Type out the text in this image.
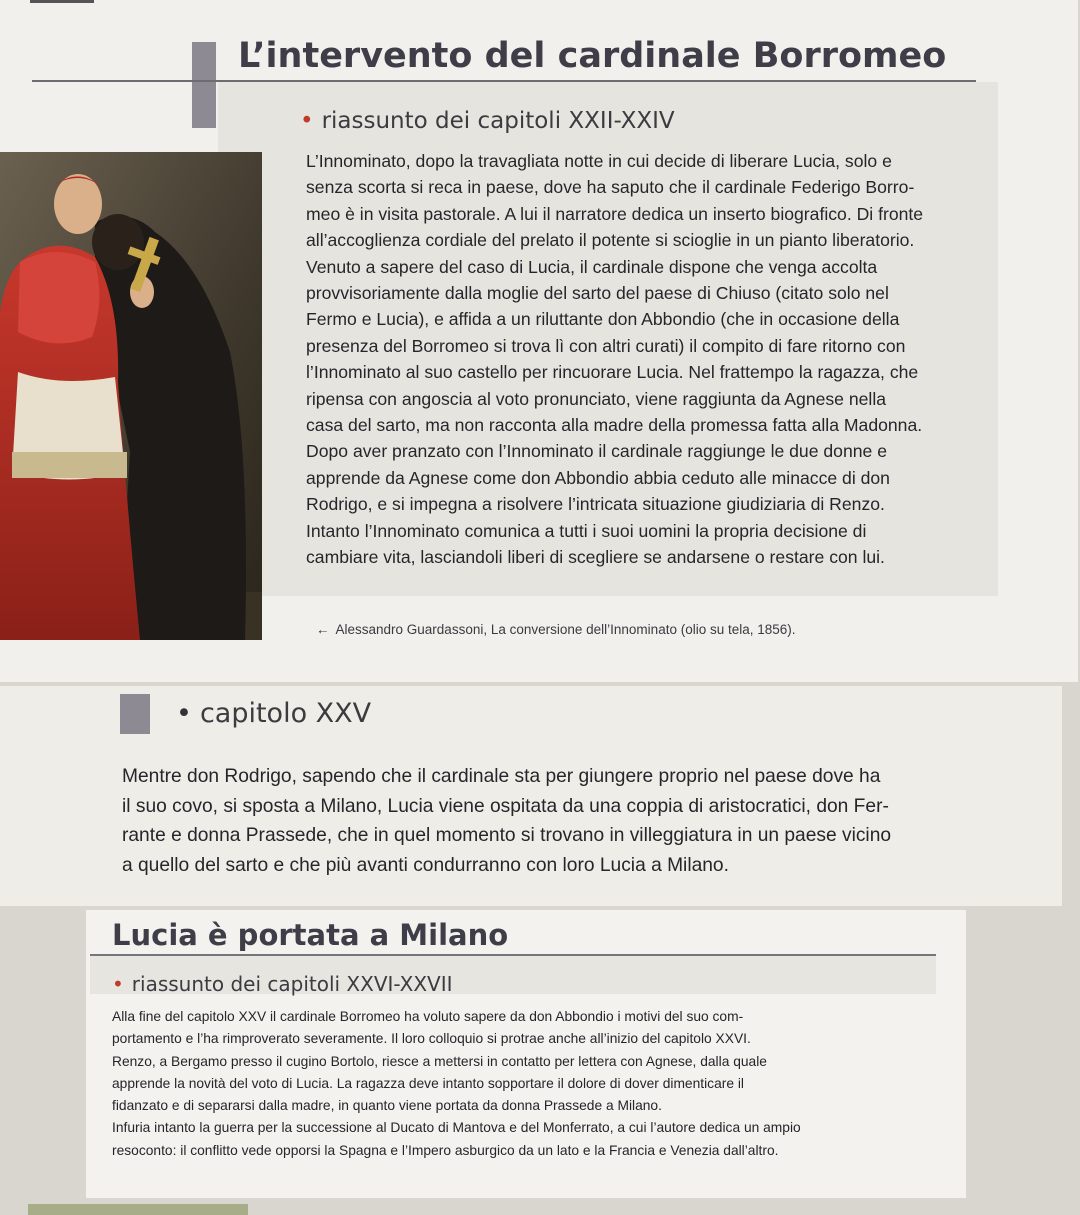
L’intervento del cardinale Borromeo
• riassunto dei capitoli XXII-XXIV
L’Innominato, dopo la travagliata notte in cui decide di liberare Lucia, solo e
senza scorta si reca in paese, dove ha saputo che il cardinale Federigo Borro-
meo è in visita pastorale. A lui il narratore dedica un inserto biografico. Di fronte
all’accoglienza cordiale del prelato il potente si scioglie in un pianto liberatorio.
Venuto a sapere del caso di Lucia, il cardinale dispone che venga accolta
provvisoriamente dalla moglie del sarto del paese di Chiuso (citato solo nel
Fermo e Lucia), e affida a un riluttante don Abbondio (che in occasione della
presenza del Borromeo si trova lì con altri curati) il compito di fare ritorno con
l’Innominato al suo castello per rincuorare Lucia. Nel frattempo la ragazza, che
ripensa con angoscia al voto pronunciato, viene raggiunta da Agnese nella
casa del sarto, ma non racconta alla madre della promessa fatta alla Madonna.
Dopo aver pranzato con l’Innominato il cardinale raggiunge le due donne e
apprende da Agnese come don Abbondio abbia ceduto alle minacce di don
Rodrigo, e si impegna a risolvere l’intricata situazione giudiziaria di Renzo.
Intanto l’Innominato comunica a tutti i suoi uomini la propria decisione di
cambiare vita, lasciandoli liberi di scegliere se andarsene o restare con lui.
← Alessandro Guardassoni, La conversione dell’Innominato (olio su tela, 1856).
• capitolo XXV
Mentre don Rodrigo, sapendo che il cardinale sta per giungere proprio nel paese dove ha
il suo covo, si sposta a Milano, Lucia viene ospitata da una coppia di aristocratici, don Fer-
rante e donna Prassede, che in quel momento si trovano in villeggiatura in un paese vicino
a quello del sarto e che più avanti condurranno con loro Lucia a Milano.
Lucia è portata a Milano
• riassunto dei capitoli XXVI-XXVII
Alla fine del capitolo XXV il cardinale Borromeo ha voluto sapere da don Abbondio i motivi del suo com-
portamento e l’ha rimproverato severamente. Il loro colloquio si protrae anche all’inizio del capitolo XXVI.
Renzo, a Bergamo presso il cugino Bortolo, riesce a mettersi in contatto per lettera con Agnese, dalla quale
apprende la novità del voto di Lucia. La ragazza deve intanto sopportare il dolore di dover dimenticare il
fidanzato e di separarsi dalla madre, in quanto viene portata da donna Prassede a Milano.
Infuria intanto la guerra per la successione al Ducato di Mantova e del Monferrato, a cui l’autore dedica un ampio
resoconto: il conflitto vede opporsi la Spagna e l’Impero asburgico da un lato e la Francia e Venezia dall’altro.
